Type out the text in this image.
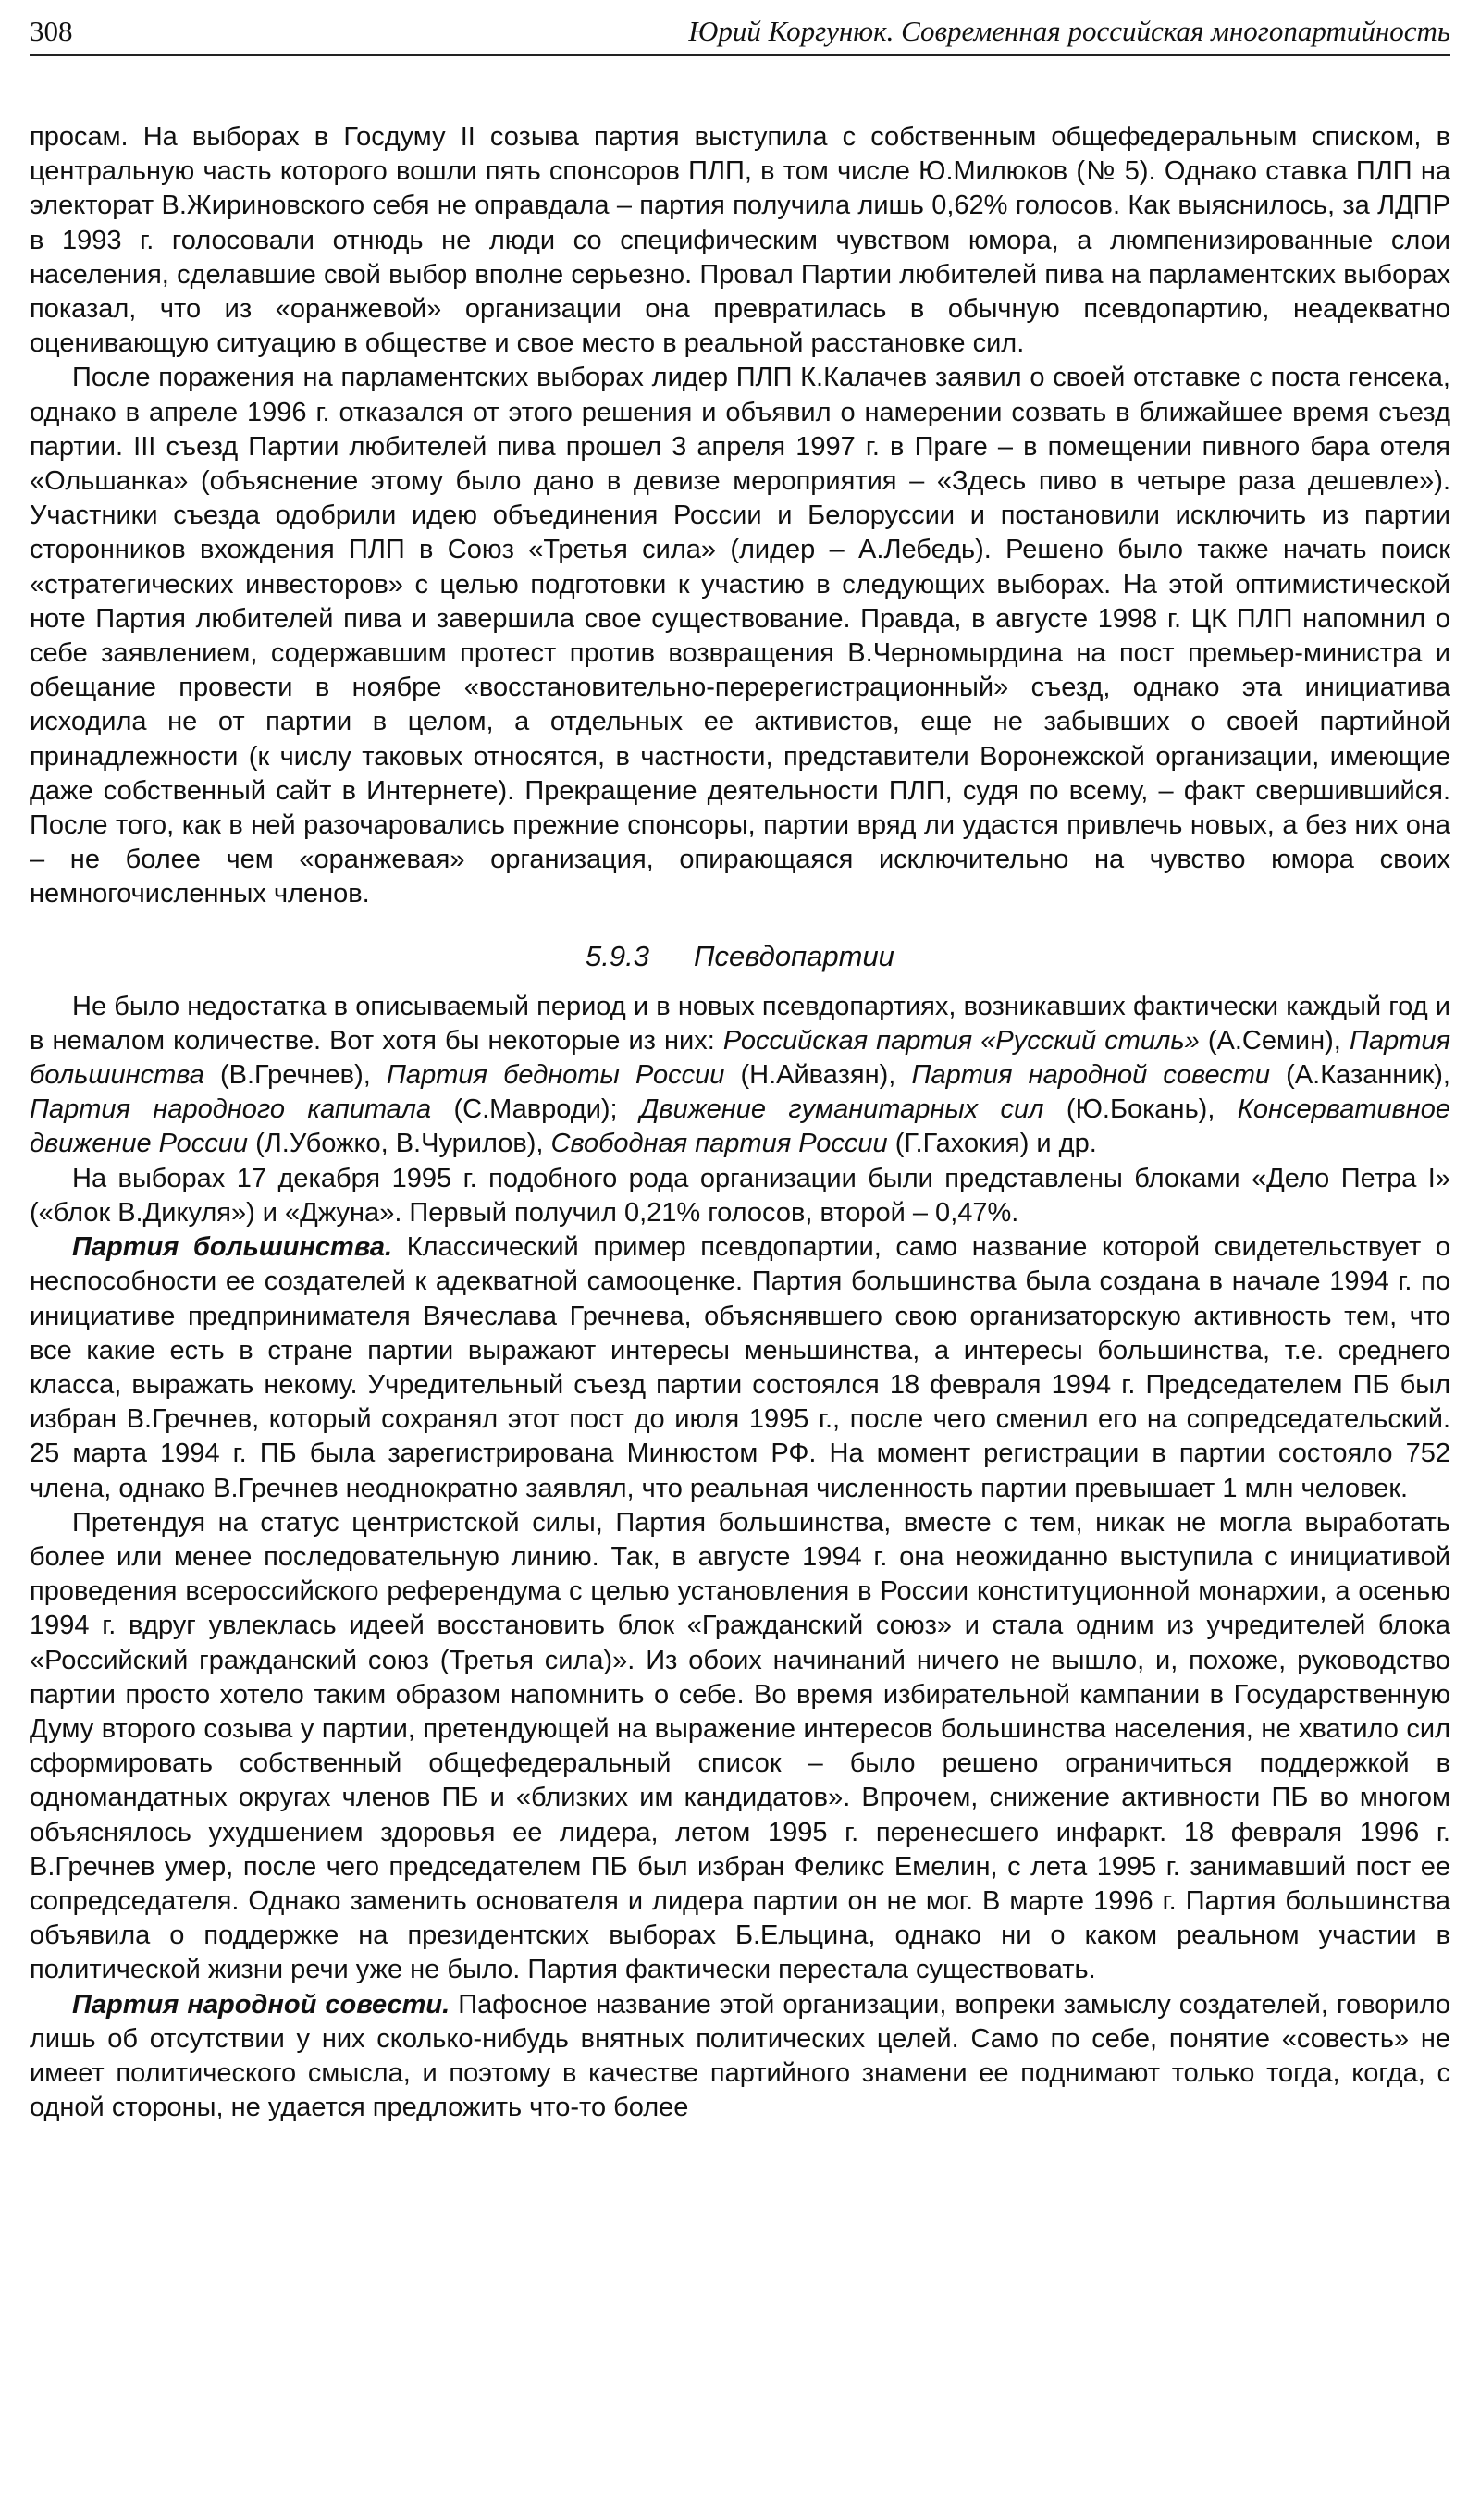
308	Юрий Коргунюк. Современная российская многопартийность

просам. На выборах в Госдуму II созыва партия выступила с собственным общефедеральным списком, в центральную часть которого вошли пять спонсоров ПЛП, в том числе Ю.Милюков (№ 5). Однако ставка ПЛП на электорат В.Жириновского себя не оправдала – партия получила лишь 0,62% голосов. Как выяснилось, за ЛДПР в 1993 г. голосовали отнюдь не люди со специфическим чувством юмора, а люмпенизированные слои населения, сделавшие свой выбор вполне серьезно. Провал Партии любителей пива на парламентских выборах показал, что из «оранжевой» организации она превратилась в обычную псевдопартию, неадекватно оценивающую ситуацию в обществе и свое место в реальной расстановке сил.

После поражения на парламентских выборах лидер ПЛП К.Калачев заявил о своей отставке с поста генсека, однако в апреле 1996 г. отказался от этого решения и объявил о намерении созвать в ближайшее время съезд партии. III съезд Партии любителей пива прошел 3 апреля 1997 г. в Праге – в помещении пивного бара отеля «Ольшанка» (объяснение этому было дано в девизе мероприятия – «Здесь пиво в четыре раза дешевле»). Участники съезда одобрили идею объединения России и Белоруссии и постановили исключить из партии сторонников вхождения ПЛП в Союз «Третья сила» (лидер – А.Лебедь). Решено было также начать поиск «стратегических инвесторов» с целью подготовки к участию в следующих выборах. На этой оптимистической ноте Партия любителей пива и завершила свое существование. Правда, в августе 1998 г. ЦК ПЛП напомнил о себе заявлением, содержавшим протест против возвращения В.Черномырдина на пост премьер-министра и обещание провести в ноябре «восстановительно-перерегистрационный» съезд, однако эта инициатива исходила не от партии в целом, а отдельных ее активистов, еще не забывших о своей партийной принадлежности (к числу таковых относятся, в частности, представители Воронежской организации, имеющие даже собственный сайт в Интернете). Прекращение деятельности ПЛП, судя по всему, – факт свершившийся. После того, как в ней разочаровались прежние спонсоры, партии вряд ли удастся привлечь новых, а без них она – не более чем «оранжевая» организация, опирающаяся исключительно на чувство юмора своих немногочисленных членов.

5.9.3 Псевдопартии

Не было недостатка в описываемый период и в новых псевдопартиях, возникавших фактически каждый год и в немалом количестве. Вот хотя бы некоторые из них: Российская партия «Русский стиль» (А.Семин), Партия большинства (В.Гречнев), Партия бедноты России (Н.Айвазян), Партия народной совести (А.Казанник), Партия народного капитала (С.Мавроди); Движение гуманитарных сил (Ю.Бокань), Консервативное движение России (Л.Убожко, В.Чурилов), Свободная партия России (Г.Гахокия) и др.

На выборах 17 декабря 1995 г. подобного рода организации были представлены блоками «Дело Петра I» («блок В.Дикуля») и «Джуна». Первый получил 0,21% голосов, второй – 0,47%.

Партия большинства. Классический пример псевдопартии, само название которой свидетельствует о неспособности ее создателей к адекватной самооценке. Партия большинства была создана в начале 1994 г. по инициативе предпринимателя Вячеслава Гречнева, объяснявшего свою организаторскую активность тем, что все какие есть в стране партии выражают интересы меньшинства, а интересы большинства, т.е. среднего класса, выражать некому. Учредительный съезд партии состоялся 18 февраля 1994 г. Председателем ПБ был избран В.Гречнев, который сохранял этот пост до июля 1995 г., после чего сменил его на сопредседательский. 25 марта 1994 г. ПБ была зарегистрирована Минюстом РФ. На момент регистрации в партии состояло 752 члена, однако В.Гречнев неоднократно заявлял, что реальная численность партии превышает 1 млн человек.

Претендуя на статус центристской силы, Партия большинства, вместе с тем, никак не могла выработать более или менее последовательную линию. Так, в августе 1994 г. она неожиданно выступила с инициативой проведения всероссийского референдума с целью установления в России конституционной монархии, а осенью 1994 г. вдруг увлеклась идеей восстановить блок «Гражданский союз» и стала одним из учредителей блока «Российский гражданский союз (Третья сила)». Из обоих начинаний ничего не вышло, и, похоже, руководство партии просто хотело таким образом напомнить о себе. Во время избирательной кампании в Государственную Думу второго созыва у партии, претендующей на выражение интересов большинства населения, не хватило сил сформировать собственный общефедеральный список – было решено ограничиться поддержкой в одномандатных округах членов ПБ и «близких им кандидатов». Впрочем, снижение активности ПБ во многом объяснялось ухудшением здоровья ее лидера, летом 1995 г. перенесшего инфаркт. 18 февраля 1996 г. В.Гречнев умер, после чего председателем ПБ был избран Феликс Емелин, с лета 1995 г. занимавший пост ее сопредседателя. Однако заменить основателя и лидера партии он не мог. В марте 1996 г. Партия большинства объявила о поддержке на президентских выборах Б.Ельцина, однако ни о каком реальном участии в политической жизни речи уже не было. Партия фактически перестала существовать.

Партия народной совести. Пафосное название этой организации, вопреки замыслу создателей, говорило лишь об отсутствии у них сколько-нибудь внятных политических целей. Само по себе, понятие «совесть» не имеет политического смысла, и поэтому в качестве партийного знамени ее поднимают только тогда, когда, с одной стороны, не удается предложить что-то более
